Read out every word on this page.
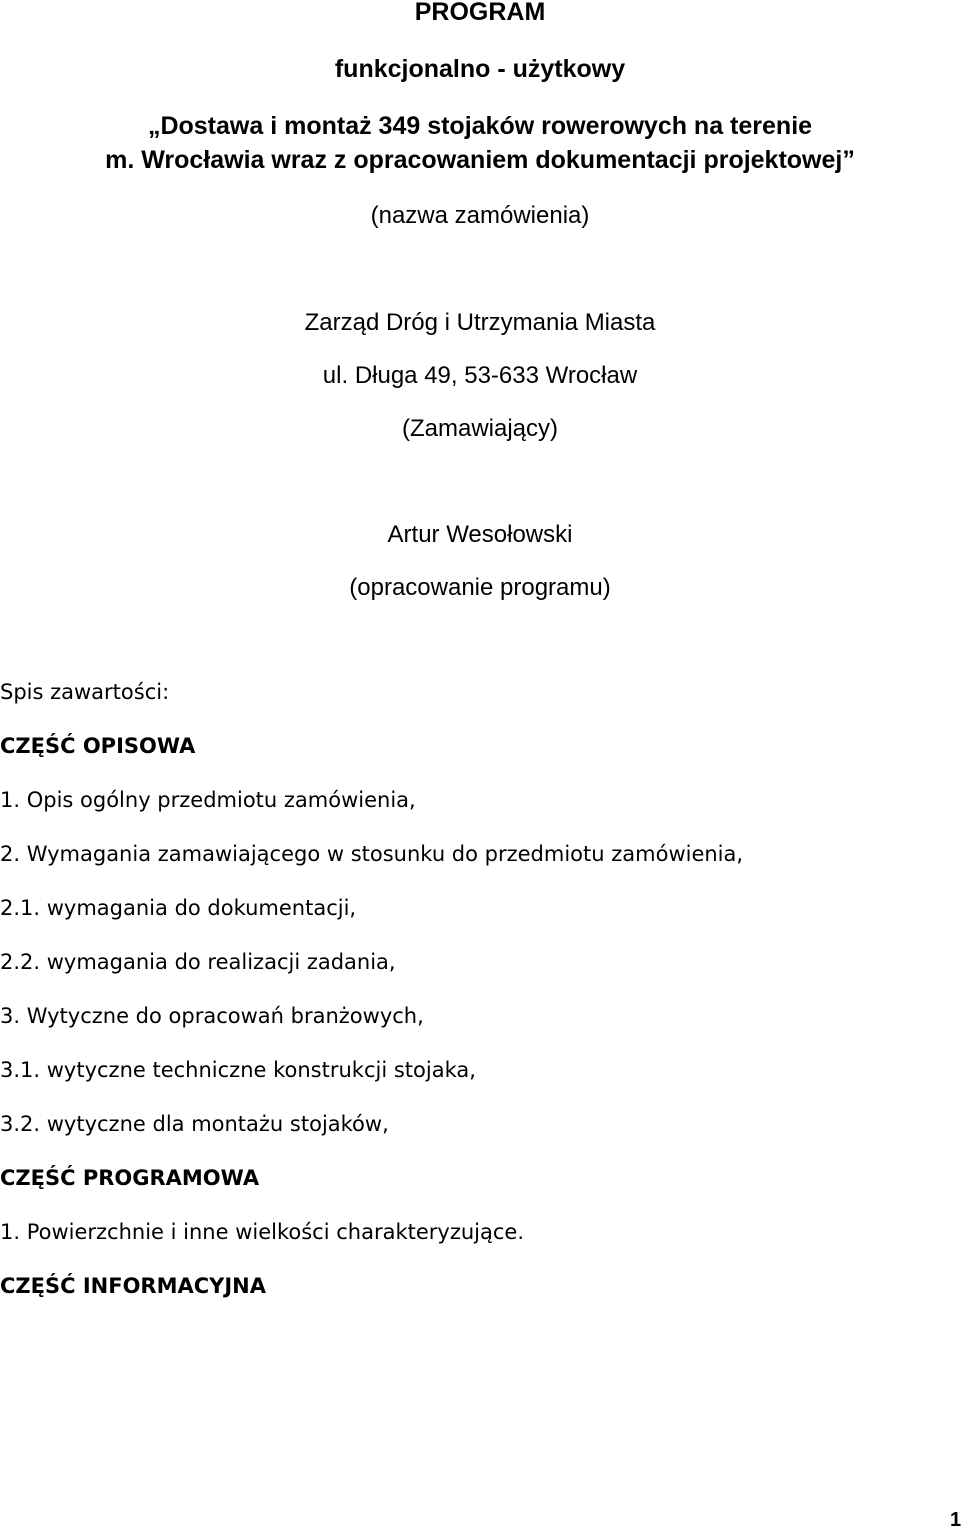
PROGRAM
funkcjonalno - użytkowy
„Dostawa i montaż 349 stojaków rowerowych na terenie
m. Wrocławia wraz z opracowaniem dokumentacji projektowej”
(nazwa zamówienia)
Zarząd Dróg i Utrzymania Miasta
ul. Długa 49, 53-633 Wrocław
(Zamawiający)
Artur Wesołowski
(opracowanie programu)
Spis zawartości:
CZĘŚĆ OPISOWA
1. Opis ogólny przedmiotu zamówienia,
2. Wymagania zamawiającego w stosunku do przedmiotu zamówienia,
2.1. wymagania do dokumentacji,
2.2. wymagania do realizacji zadania,
3. Wytyczne do opracowań branżowych,
3.1. wytyczne techniczne konstrukcji stojaka,
3.2. wytyczne dla montażu stojaków,
CZĘŚĆ PROGRAMOWA
1. Powierzchnie i inne wielkości charakteryzujące.
CZĘŚĆ INFORMACYJNA
1
